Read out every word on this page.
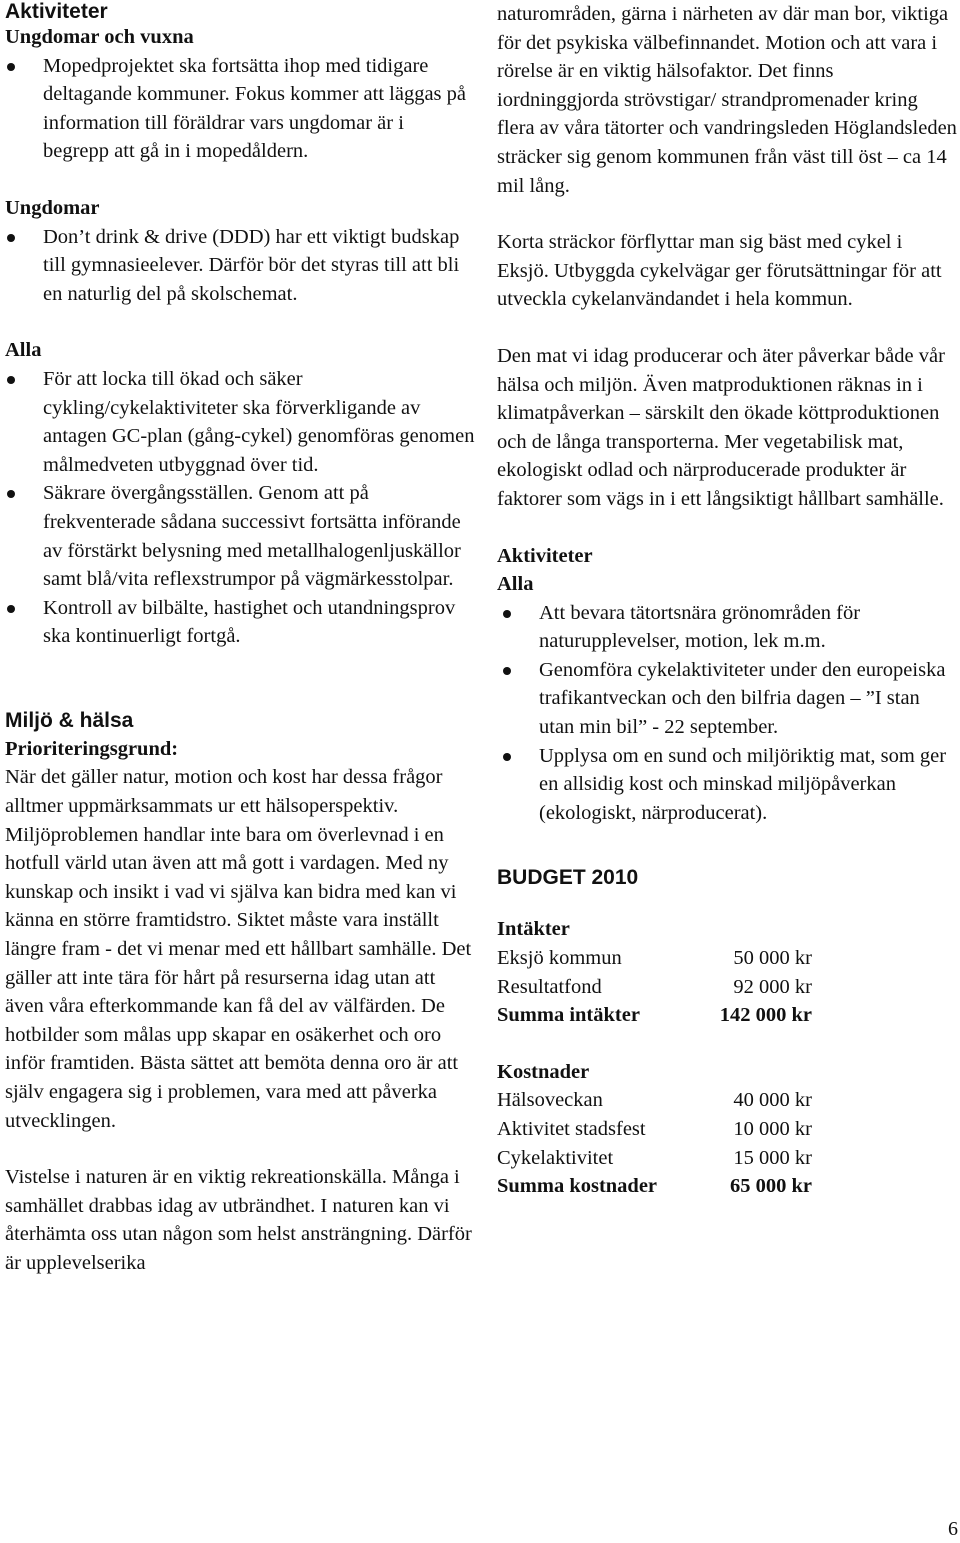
Aktiviteter
Ungdomar och vuxna
Mopedprojektet ska fortsätta ihop med tidigare deltagande kommuner. Fokus kommer att läggas på information till föräldrar vars ungdomar är i begrepp att gå in i mopedåldern.
Ungdomar
Don’t drink & drive (DDD) har ett viktigt budskap till gymnasieelever. Därför bör det styras till att bli en naturlig del på skolschemat.
Alla
För att locka till ökad och säker cykling/cykelaktiviteter ska förverkligande av antagen GC-plan (gång-cykel) genomföras genomen målmedveten utbyggnad över tid.
Säkrare övergångsställen. Genom att på frekventerade sådana successivt fortsätta införande av förstärkt belysning med metallhalogenljuskällor samt blå/vita reflexstrumpor på vägmärkesstolpar.
Kontroll av bilbälte, hastighet och utandningsprov ska kontinuerligt fortgå.
Miljö & hälsa
Prioriteringsgrund:

När det gäller natur, motion och kost har dessa frågor alltmer uppmärksammats ur ett hälsoperspektiv. Miljöproblemen handlar inte bara om överlevnad i en hotfull värld utan även att må gott i vardagen. Med ny kunskap och insikt i vad vi själva kan bidra med kan vi känna en större framtidstro. Siktet måste vara inställt längre fram - det vi menar med ett hållbart samhälle. Det gäller att inte tära för hårt på resurserna idag utan att även våra efterkommande kan få del av välfärden. De hotbilder som målas upp skapar en osäkerhet och oro inför framtiden. Bästa sättet att bemöta denna oro är att själv engagera sig i problemen, vara med att påverka utvecklingen.

Vistelse i naturen är en viktig rekreationskälla. Många i samhället drabbas idag av utbrändhet. I naturen kan vi återhämta oss utan någon som helst ansträngning. Därför är upplevelserika

naturområden, gärna i närheten av där man bor, viktiga för det psykiska välbefinnandet. Motion och att vara i rörelse är en viktig hälsofaktor. Det finns iordninggjorda strövstigar/ strandpromenader kring flera av våra tätorter och vandringsleden Höglandsleden sträcker sig genom kommunen från väst till öst – ca 14 mil lång.

Korta sträckor förflyttar man sig bäst med cykel i Eksjö. Utbyggda cykelvägar ger förutsättningar för att utveckla cykelanvändandet i hela kommun.

Den mat vi idag producerar och äter påverkar både vår hälsa och miljön. Även matproduktionen räknas in i klimatpåverkan – särskilt den ökade köttproduktionen och de långa transporterna. Mer vegetabilisk mat, ekologiskt odlad och närproducerade produkter är faktorer som vägs in i ett långsiktigt hållbart samhälle.

Aktiviteter
Alla
Att bevara tätortsnära grönområden för naturupplevelser, motion, lek m.m.
Genomföra cykelaktiviteter under den europeiska trafikantveckan och den bilfria dagen – ”I stan utan min bil” - 22 september.
Upplysa om en sund och miljöriktig mat, som ger en allsidig kost och minskad miljöpåverkan (ekologiskt, närproducerat).
BUDGET 2010
Intäkter
Eksjö kommun	50 000 kr
Resultatfond	92 000 kr
Summa intäkter	142 000 kr
Kostnader
Hälsoveckan	40 000 kr
Aktivitet stadsfest	10 000 kr
Cykelaktivitet	15 000 kr
Summa kostnader	65 000 kr
6
